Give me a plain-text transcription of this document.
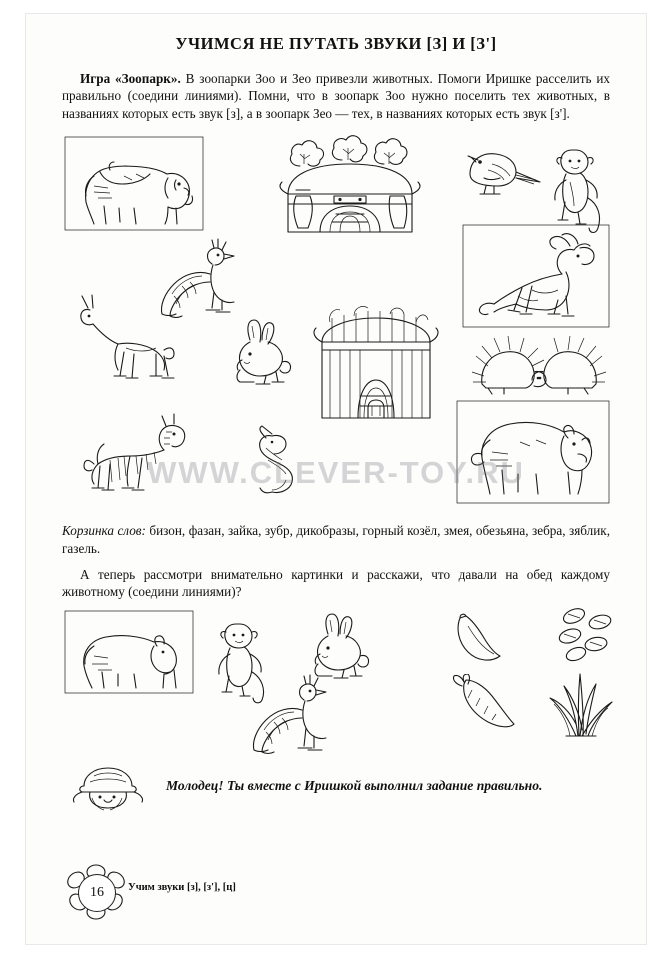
УЧИМСЯ НЕ ПУТАТЬ ЗВУКИ [З] И [З']

Игра «Зоопарк». В зоопарки Зоо и Зео привезли животных. Помоги Иришке расселить их правильно (соедини линиями). Помни, что в зоопарк Зоо нужно поселить тех животных, в названиях которых есть звук [з], а в зоопарк Зео — тех, в названиях которых есть звук [з'].

Корзинка слов: бизон, фазан, зайка, зубр, дикобразы, горный козёл, змея, обезьяна, зебра, зяблик, газель.

А теперь рассмотри внимательно картинки и расскажи, что давали на обед каждому животному (соедини линиями)?

Молодец! Ты вместе с Иришкой выполнил задание правильно.
16	Учим звуки [з], [з'], [ц]
WWW.CLEVER-TOY.RU
